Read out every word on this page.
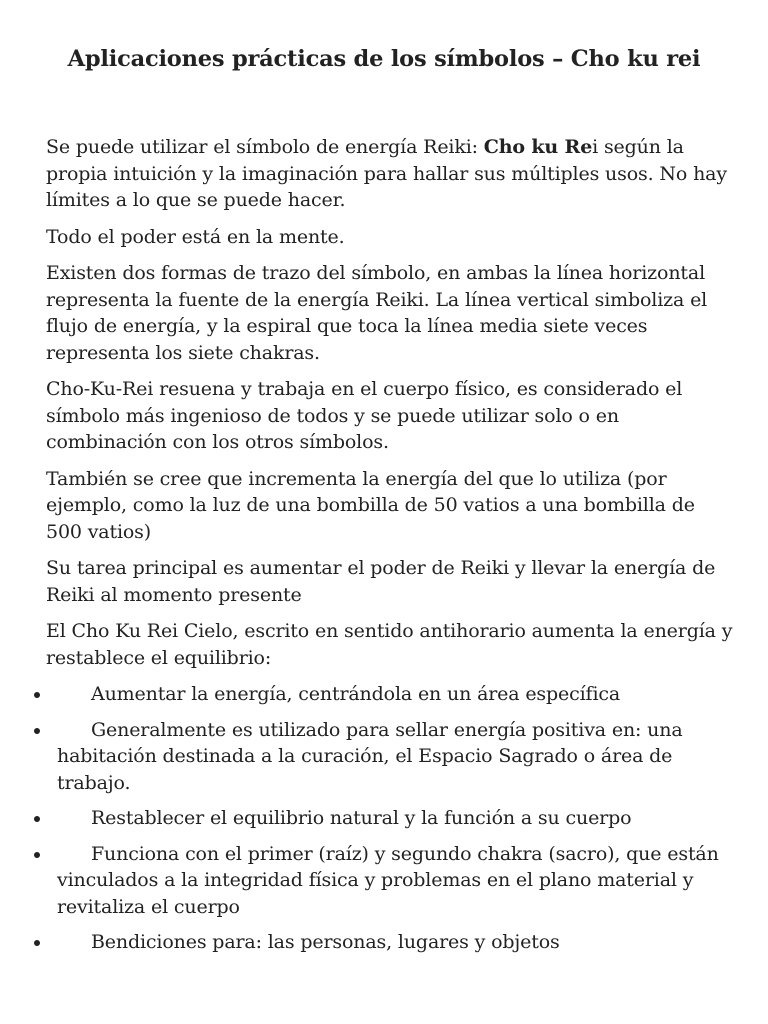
Aplicaciones prácticas de los símbolos – Cho ku rei

Se puede utilizar el símbolo de energía Reiki: Cho ku Rei según la propia intuición y la imaginación para hallar sus múltiples usos. No hay límites a lo que se puede hacer.

Todo el poder está en la mente.

Existen dos formas de trazo del símbolo, en ambas la línea horizontal representa la fuente de la energía Reiki. La línea vertical simboliza el flujo de energía, y la espiral que toca la línea media siete veces representa los siete chakras.

Cho-Ku-Rei resuena y trabaja en el cuerpo físico, es considerado el símbolo más ingenioso de todos y se puede utilizar solo o en combinación con los otros símbolos.

También se cree que incrementa la energía del que lo utiliza (por ejemplo, como la luz de una bombilla de 50 vatios a una bombilla de 500 vatios)

Su tarea principal es aumentar el poder de Reiki y llevar la energía de Reiki al momento presente

El Cho Ku Rei Cielo, escrito en sentido antihorario aumenta la energía y restablece el equilibrio:

Aumentar la energía, centrándola en un área específica
Generalmente es utilizado para sellar energía positiva en: una habitación destinada a la curación, el Espacio Sagrado o área de trabajo.
Restablecer el equilibrio natural y la función a su cuerpo
Funciona con el primer (raíz) y segundo chakra (sacro), que están vinculados a la integridad física y problemas en el plano material y revitaliza el cuerpo
Bendiciones para: las personas, lugares y objetos
